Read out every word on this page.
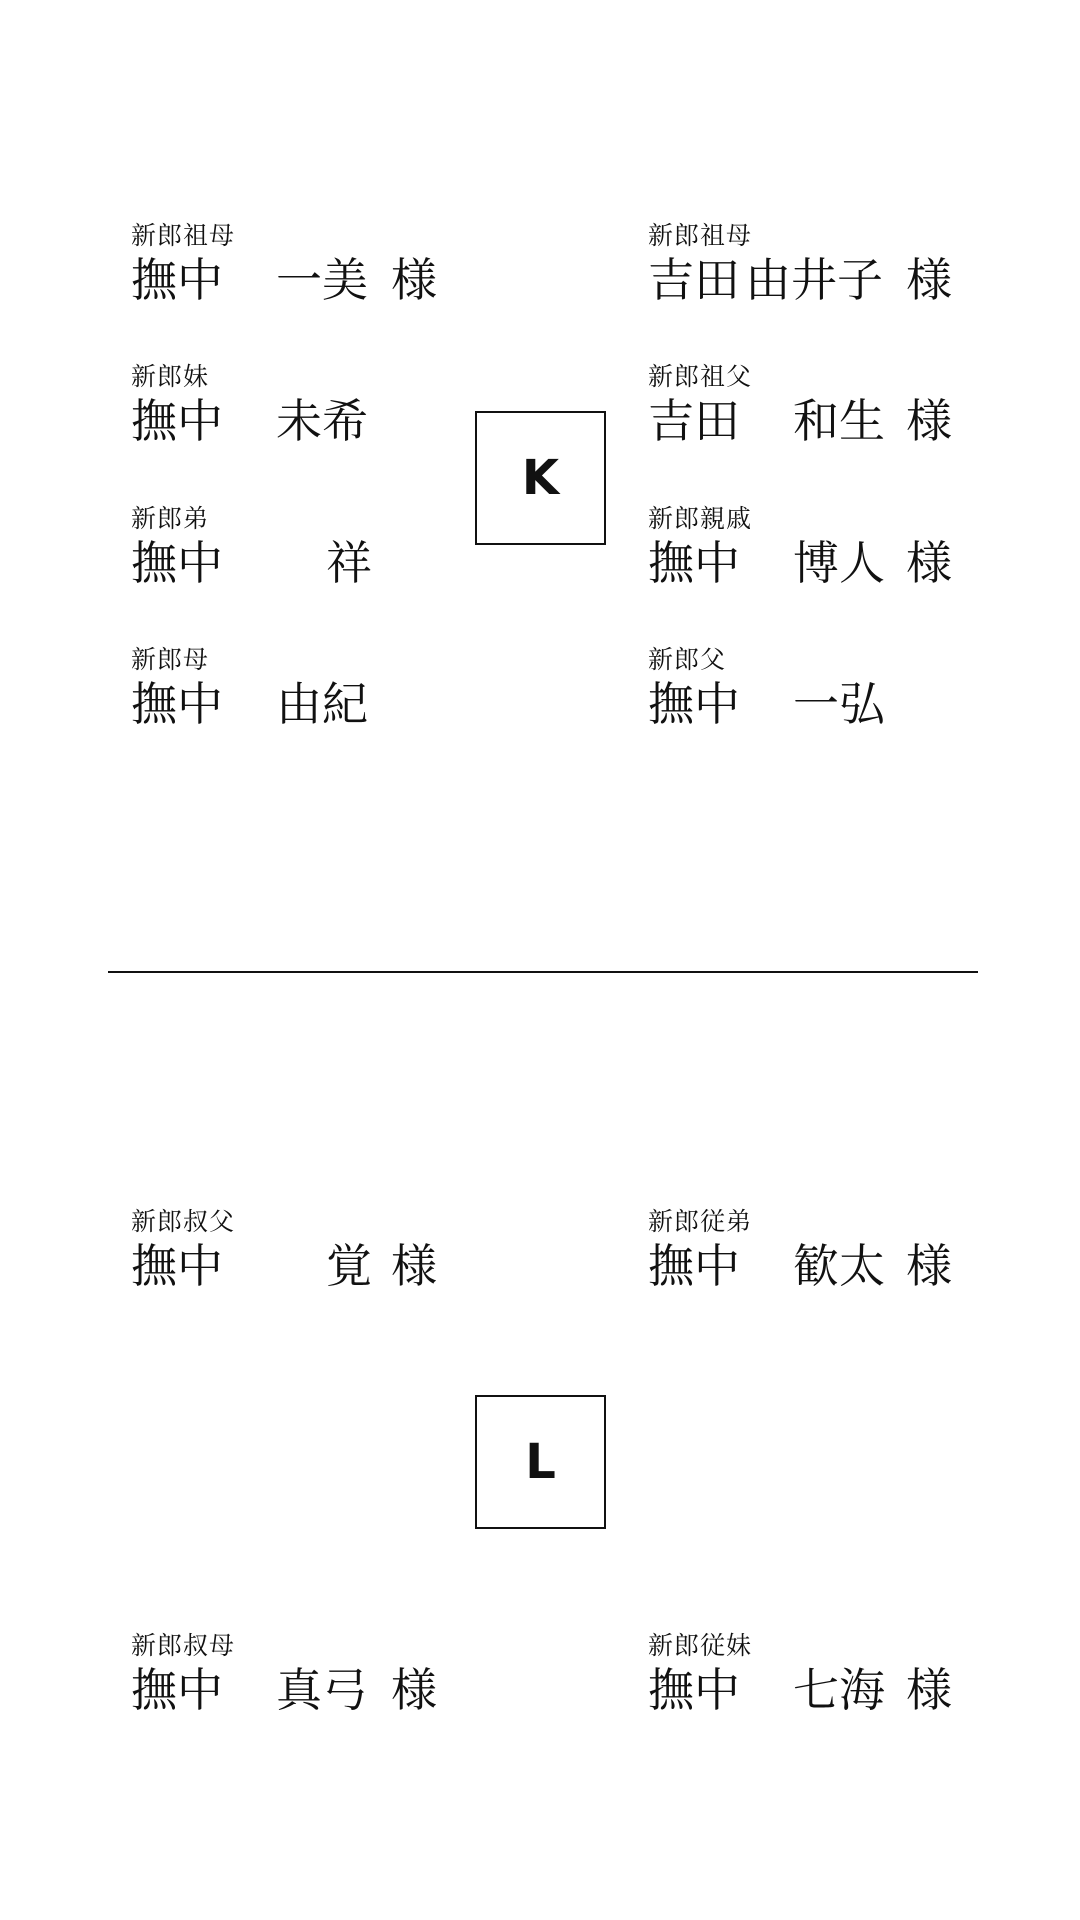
新郎祖母
撫中 一美 様
新郎祖母
吉田 由井子 様
新郎妹
撫中 未希
新郎祖父
吉田 和生 様
新郎弟
撫中 祥
新郎親戚
撫中 博人 様
新郎母
撫中 由紀
新郎父
撫中 一弘
K
新郎叔父
撫中 覚 様
新郎従弟
撫中 歓太 様
L
新郎叔母
撫中 真弓 様
新郎従妹
撫中 七海 様
